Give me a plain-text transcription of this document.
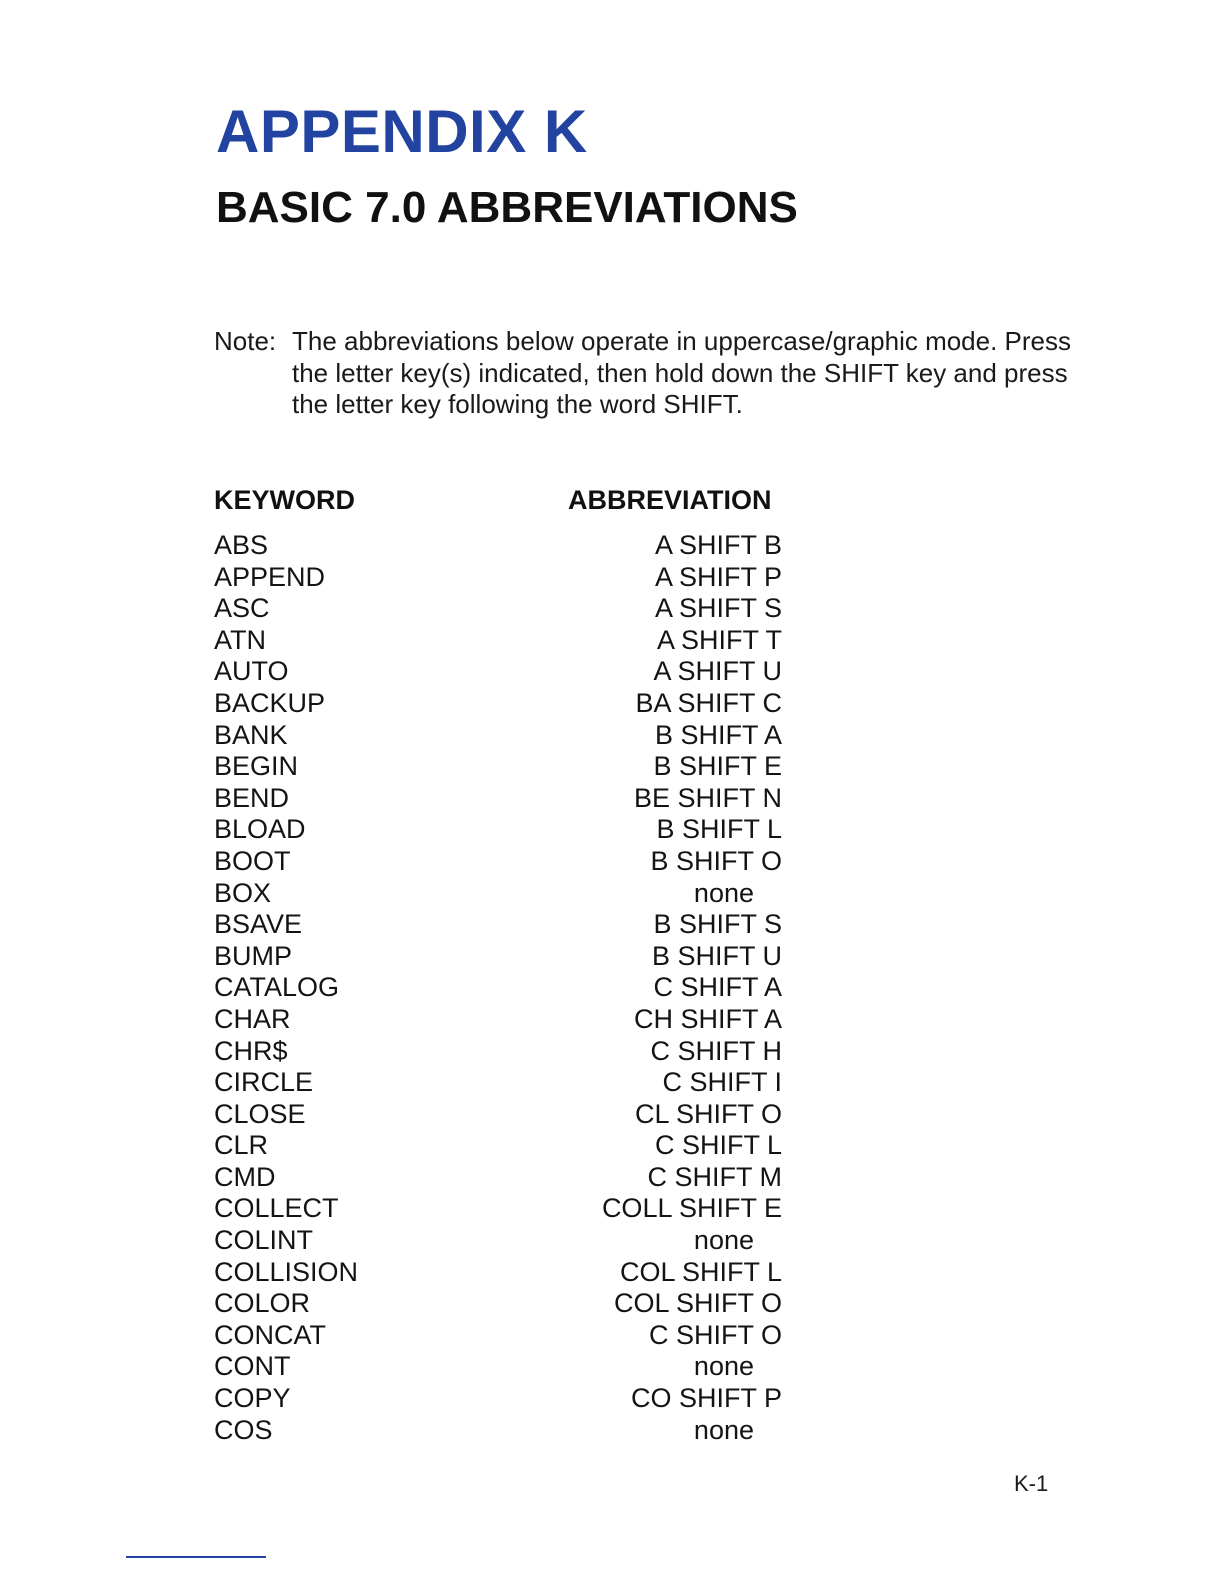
APPENDIX K
BASIC 7.0 ABBREVIATIONS
Note: The abbreviations below operate in uppercase/graphic mode. Press the letter key(s) indicated, then hold down the SHIFT key and press the letter key following the word SHIFT.
KEYWORD	ABBREVIATION
ABS	A SHIFT B
APPEND	A SHIFT P
ASC	A SHIFT S
ATN	A SHIFT T
AUTO	A SHIFT U
BACKUP	BA SHIFT C
BANK	B SHIFT A
BEGIN	B SHIFT E
BEND	BE SHIFT N
BLOAD	B SHIFT L
BOOT	B SHIFT O
BOX	none
BSAVE	B SHIFT S
BUMP	B SHIFT U
CATALOG	C SHIFT A
CHAR	CH SHIFT A
CHR$	C SHIFT H
CIRCLE	C SHIFT I
CLOSE	CL SHIFT O
CLR	C SHIFT L
CMD	C SHIFT M
COLLECT	COLL SHIFT E
COLINT	none
COLLISION	COL SHIFT L
COLOR	COL SHIFT O
CONCAT	C SHIFT O
CONT	none
COPY	CO SHIFT P
COS	none
K-1
